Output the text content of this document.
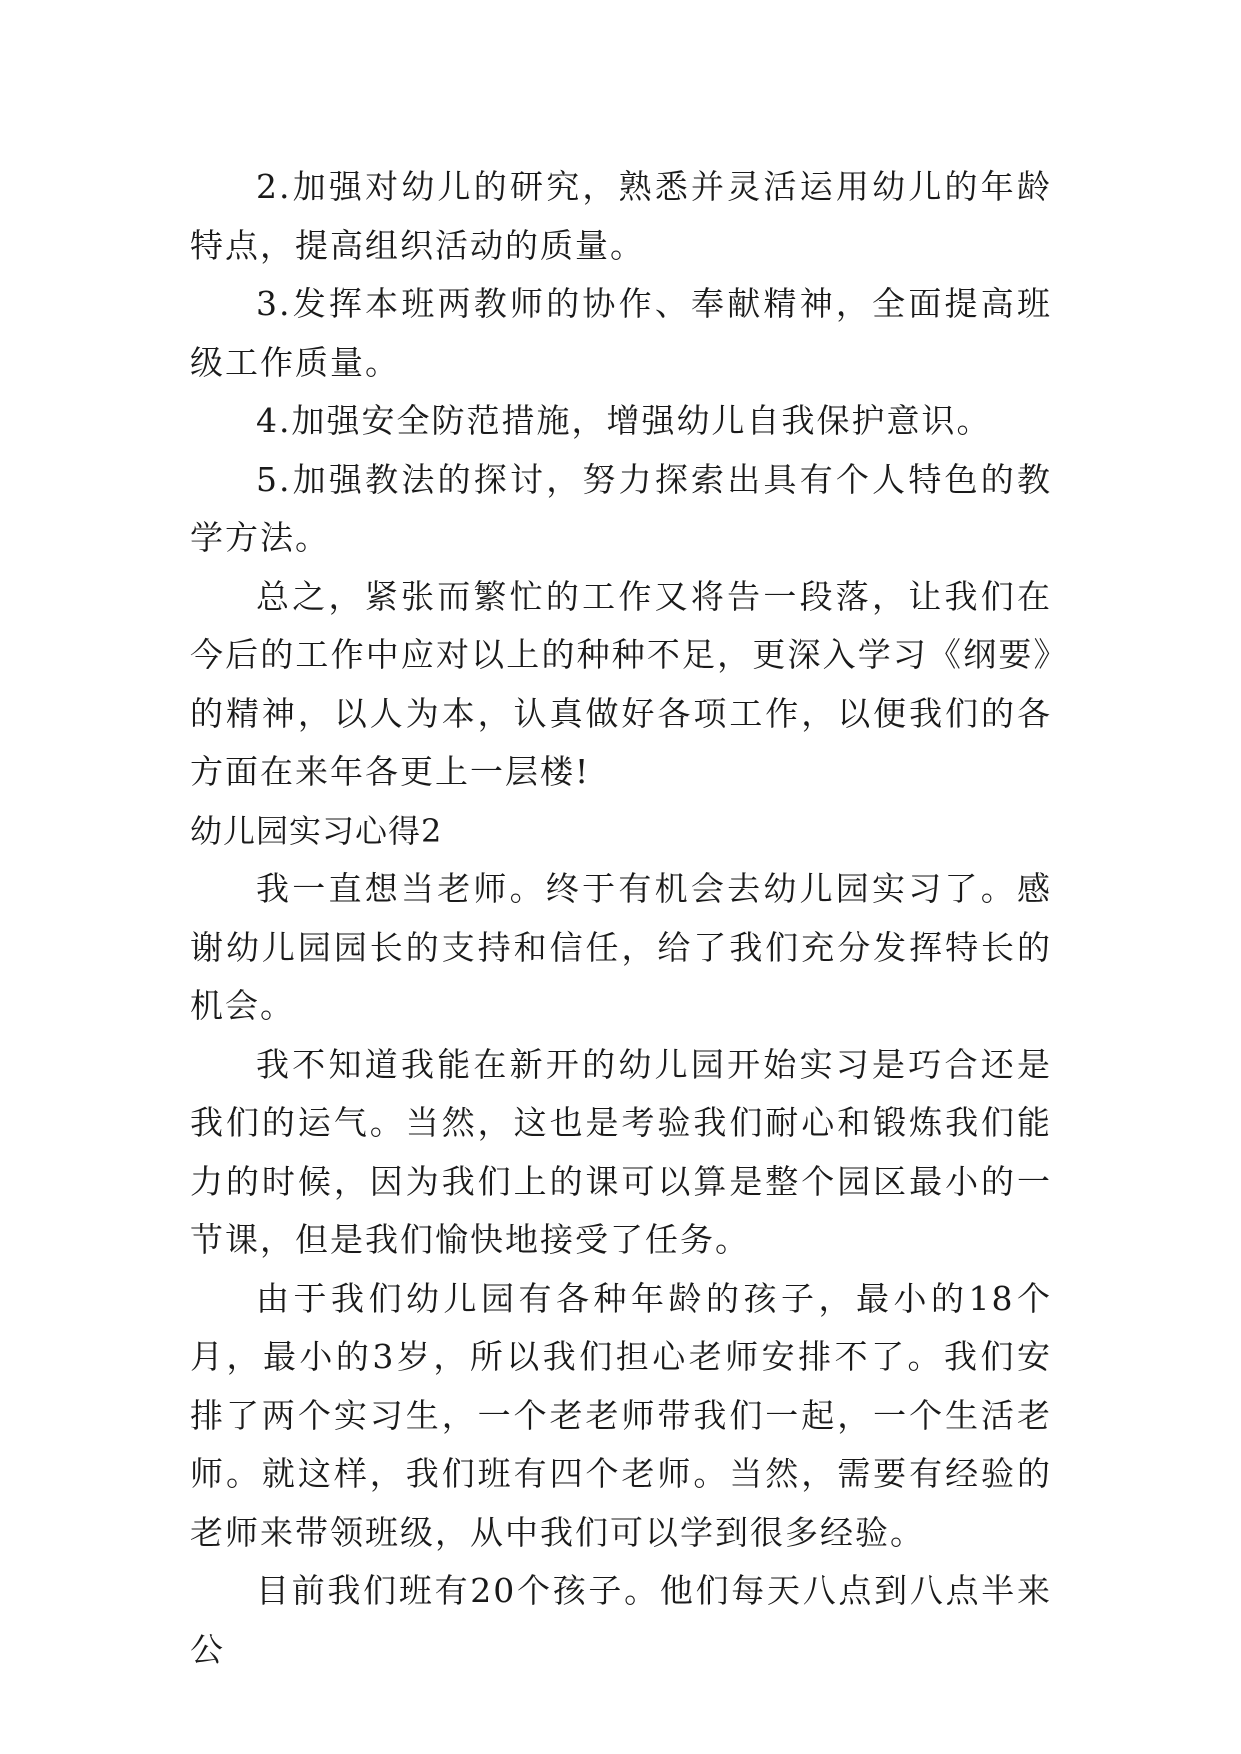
2.加强对幼儿的研究，熟悉并灵活运用幼儿的年龄特点，提高组织活动的质量。

3.发挥本班两教师的协作、奉献精神，全面提高班级工作质量。

4.加强安全防范措施，增强幼儿自我保护意识。

5.加强教法的探讨，努力探索出具有个人特色的教学方法。

总之，紧张而繁忙的工作又将告一段落，让我们在今后的工作中应对以上的种种不足，更深入学习《纲要》的精神，以人为本，认真做好各项工作，以便我们的各方面在来年各更上一层楼!

幼儿园实习心得2

我一直想当老师。终于有机会去幼儿园实习了。感谢幼儿园园长的支持和信任，给了我们充分发挥特长的机会。

我不知道我能在新开的幼儿园开始实习是巧合还是我们的运气。当然，这也是考验我们耐心和锻炼我们能力的时候，因为我们上的课可以算是整个园区最小的一节课，但是我们愉快地接受了任务。

由于我们幼儿园有各种年龄的孩子，最小的18个月，最小的3岁，所以我们担心老师安排不了。我们安排了两个实习生，一个老老师带我们一起，一个生活老师。就这样，我们班有四个老师。当然，需要有经验的老师来带领班级，从中我们可以学到很多经验。

目前我们班有20个孩子。他们每天八点到八点半来公
